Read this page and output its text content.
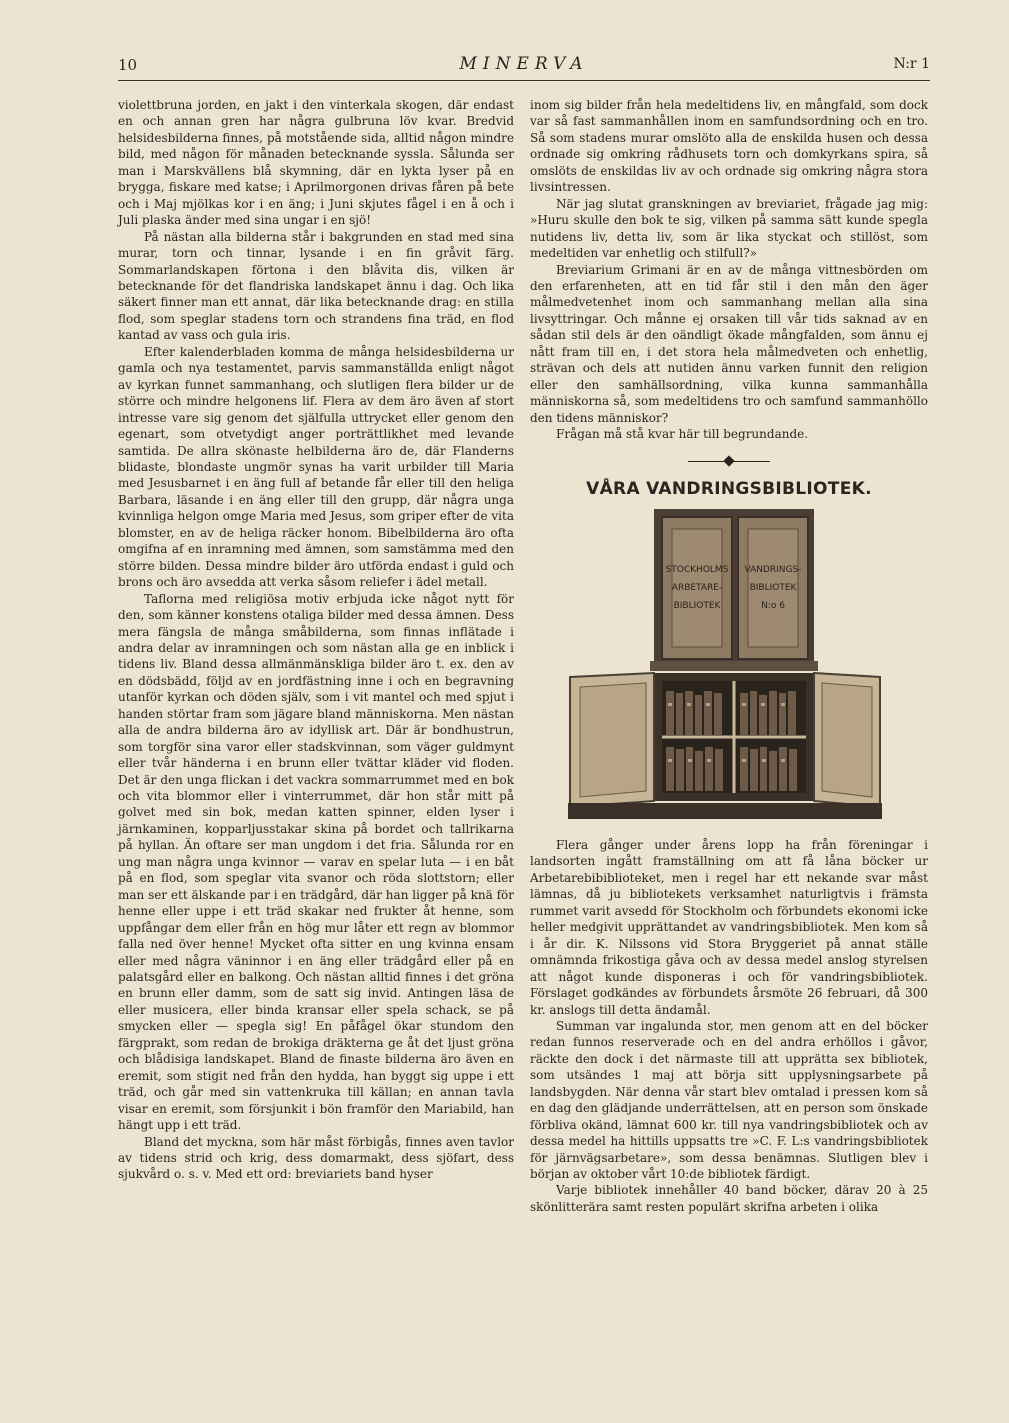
10	MINERVA	N:r 1

violettbruna jorden, en jakt i den vinterkala skogen, där endast en och annan gren har några gulbruna löv kvar. Bredvid helsidesbilderna finnes, på motstående sida, alltid någon mindre bild, med någon för månaden betecknande syssla. Sålunda ser man i Marskvällens blå skymning, där en lykta lyser på en brygga, fiskare med katse; i Aprilmorgonen drivas fåren på bete och i Maj mjölkas kor i en äng; i Juni skjutes fågel i en å och i Juli plaska änder med sina ungar i en sjö!

På nästan alla bilderna står i bakgrunden en stad med sina murar, torn och tinnar, lysande i en fin gråvit färg. Sommarlandskapen förtona i den blåvita dis, vilken är betecknande för det flandriska landskapet ännu i dag. Och lika säkert finner man ett annat, där lika betecknande drag: en stilla flod, som speglar stadens torn och strandens fina träd, en flod kantad av vass och gula iris.

Efter kalenderbladen komma de många helsidesbilderna ur gamla och nya testamentet, parvis sammanställda enligt något av kyrkan funnet sammanhang, och slutligen flera bilder ur de större och mindre helgonens lif. Flera av dem äro även af stort intresse vare sig genom det själfulla uttrycket eller genom den egenart, som otvetydigt anger porträttlikhet med levande samtida. De allra skönaste helbilderna äro de, där Flanderns blidaste, blondaste ungmör synas ha varit urbilder till Maria med Jesusbarnet i en äng full af betande får eller till den heliga Barbara, läsande i en äng eller till den grupp, där några unga kvinnliga helgon omge Maria med Jesus, som griper efter de vita blomster, en av de heliga räcker honom. Bibelbilderna äro ofta omgifna af en inramning med ämnen, som samstämma med den större bilden. Dessa mindre bilder äro utförda endast i guld och brons och äro avsedda att verka såsom reliefer i ädel metall.

Taflorna med religiösa motiv erbjuda icke något nytt för den, som känner konstens otaliga bilder med dessa ämnen. Dess mera fängsla de många småbilderna, som finnas inflätade i andra delar av inramningen och som nästan alla ge en inblick i tidens liv. Bland dessa allmänmänskliga bilder äro t. ex. den av en dödsbädd, följd av en jordfästning inne i och en begravning utanför kyrkan och döden själv, som i vit mantel och med spjut i handen störtar fram som jägare bland människorna. Men nästan alla de andra bilderna äro av idyllisk art. Där är bondhustrun, som torgför sina varor eller stadskvinnan, som väger guldmynt eller tvår händerna i en brunn eller tvättar kläder vid floden. Det är den unga flickan i det vackra sommarrummet med en bok och vita blommor eller i vinterrummet, där hon står mitt på golvet med sin bok, medan katten spinner, elden lyser i järnkaminen, kopparljusstakar skina på bordet och tallrikarna på hyllan. Än oftare ser man ungdom i det fria. Sålunda ror en ung man några unga kvinnor — varav en spelar luta — i en båt på en flod, som speglar vita svanor och röda slottstorn; eller man ser ett älskande par i en trädgård, där han ligger på knä för henne eller uppe i ett träd skakar ned frukter åt henne, som uppfångar dem eller från en hög mur låter ett regn av blommor falla ned över henne! Mycket ofta sitter en ung kvinna ensam eller med några väninnor i en äng eller trädgård eller på en palatsgård eller en balkong. Och nästan alltid finnes i det gröna en brunn eller damm, som de satt sig invid. Antingen läsa de eller musicera, eller binda kransar eller spela schack, se på smycken eller — spegla sig! En påfågel ökar stundom den färgprakt, som redan de brokiga dräkterna ge åt det ljust gröna och blådisiga landskapet. Bland de finaste bilderna äro även en eremit, som stigit ned från den hydda, han byggt sig uppe i ett träd, och går med sin vattenkruka till källan; en annan tavla visar en eremit, som försjunkit i bön framför den Mariabild, han hängt upp i ett träd.

Bland det myckna, som här måst förbigås, finnes aven tavlor av tidens strid och krig, dess domarmakt, dess sjöfart, dess sjukvård o. s. v. Med ett ord: breviariets band hyser

inom sig bilder från hela medeltidens liv, en mångfald, som dock var så fast sammanhållen inom en samfundsordning och en tro. Så som stadens murar omslöto alla de enskilda husen och dessa ordnade sig omkring rådhusets torn och domkyrkans spira, så omslöts de enskildas liv av och ordnade sig omkring några stora livsintressen.

När jag slutat granskningen av breviariet, frågade jag mig: »Huru skulle den bok te sig, vilken på samma sätt kunde spegla nutidens liv, detta liv, som är lika styckat och stillöst, som medeltiden var enhetlig och stilfull?»

Breviarium Grimani är en av de många vittnesbörden om den erfarenheten, att en tid får stil i den mån den äger målmedvetenhet inom och sammanhang mellan alla sina livsyttringar. Och månne ej orsaken till vår tids saknad av en sådan stil dels är den oändligt ökade mångfalden, som ännu ej nått fram till en, i det stora hela målmedveten och enhetlig, strävan och dels att nutiden ännu varken funnit den religion eller den samhällsordning, vilka kunna sammanhålla människorna så, som medeltidens tro och samfund sammanhöllo den tidens människor?

Frågan må stå kvar här till begrundande.

VÅRA VANDRINGSBIBLIOTEK.
STOCKHOLMS
ARBETARE-
BIBLIOTEK
VANDRINGS-
BIBLIOTEK
N:o 6

Flera gånger under årens lopp ha från föreningar i landsorten ingått framställning om att få låna böcker ur Arbetarebibiblioteket, men i regel har ett nekande svar måst lämnas, då ju bibliotekets verksamhet naturligtvis i främsta rummet varit avsedd för Stockholm och förbundets ekonomi icke heller medgivit upprättandet av vandringsbibliotek. Men kom så i år dir. K. Nilssons vid Stora Bryggeriet på annat ställe omnämnda frikostiga gåva och av dessa medel anslog styrelsen att något kunde disponeras i och för vandringsbibliotek. Förslaget godkändes av förbundets årsmöte 26 februari, då 300 kr. anslogs till detta ändamål.

Summan var ingalunda stor, men genom att en del böcker redan funnos reserverade och en del andra erhöllos i gåvor, räckte den dock i det närmaste till att upprätta sex bibliotek, som utsändes 1 maj att börja sitt upplysningsarbete på landsbygden. När denna vår start blev omtalad i pressen kom så en dag den glädjande underrättelsen, att en person som önskade förbliva okänd, lämnat 600 kr. till nya vandringsbibliotek och av dessa medel ha hittills uppsatts tre »C. F. L:s vandringsbibliotek för järnvägsarbetare», som dessa benämnas. Slutligen blev i början av oktober vårt 10:de bibliotek färdigt.

Varje bibliotek innehåller 40 band böcker, därav 20 à 25 skönlitterära samt resten populärt skrifna arbeten i olika
